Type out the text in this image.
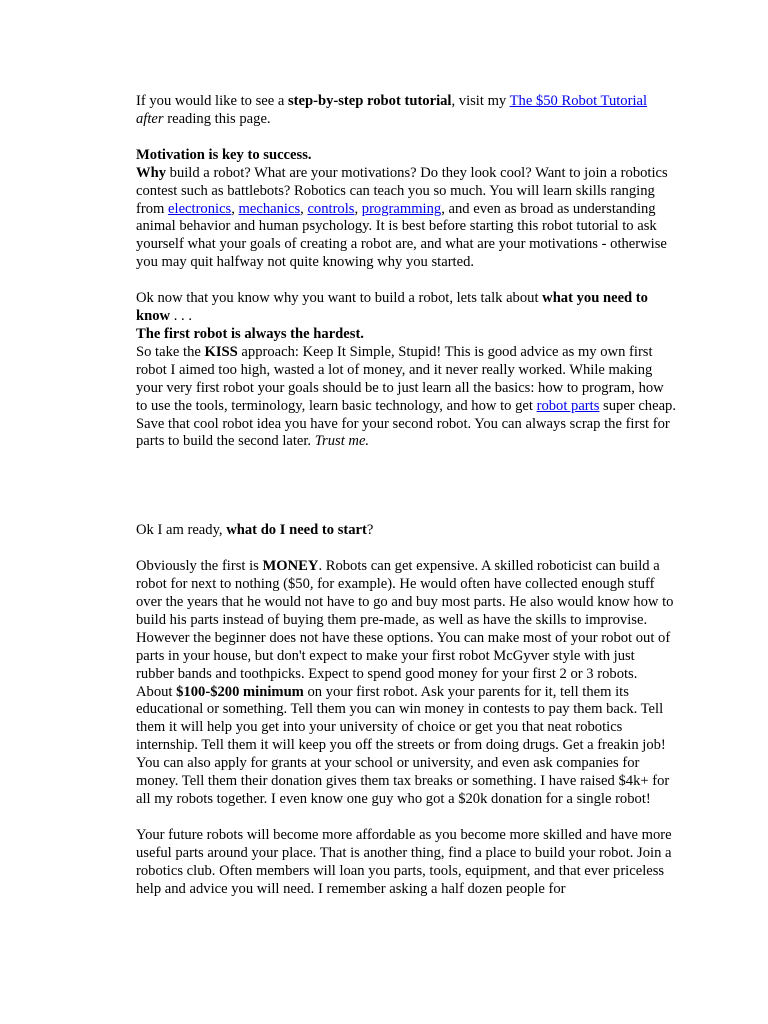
If you would like to see a step-by-step robot tutorial, visit my The $50 Robot Tutorial
after reading this page.

Motivation is key to success.
Why build a robot? What are your motivations? Do they look cool? Want to join a robotics contest such as battlebots? Robotics can teach you so much. You will learn skills ranging from electronics, mechanics, controls, programming, and even as broad as understanding animal behavior and human psychology. It is best before starting this robot tutorial to ask yourself what your goals of creating a robot are, and what are your motivations - otherwise you may quit halfway not quite knowing why you started.

Ok now that you know why you want to build a robot, lets talk about what you need to know . . .

The first robot is always the hardest.
So take the KISS approach: Keep It Simple, Stupid! This is good advice as my own first robot I aimed too high, wasted a lot of money, and it never really worked. While making your very first robot your goals should be to just learn all the basics: how to program, how to use the tools, terminology, learn basic technology, and how to get robot parts super cheap. Save that cool robot idea you have for your second robot. You can always scrap the first for parts to build the second later. Trust me.

Ok I am ready, what do I need to start?

Obviously the first is MONEY. Robots can get expensive. A skilled roboticist can build a robot for next to nothing ($50, for example). He would often have collected enough stuff over the years that he would not have to go and buy most parts. He also would know how to build his parts instead of buying them pre-made, as well as have the skills to improvise. However the beginner does not have these options. You can make most of your robot out of parts in your house, but don't expect to make your first robot McGyver style with just rubber bands and toothpicks. Expect to spend good money for your first 2 or 3 robots. About $100-$200 minimum on your first robot. Ask your parents for it, tell them its educational or something. Tell them you can win money in contests to pay them back. Tell them it will help you get into your university of choice or get you that neat robotics internship. Tell them it will keep you off the streets or from doing drugs. Get a freakin job! You can also apply for grants at your school or university, and even ask companies for money. Tell them their donation gives them tax breaks or something. I have raised $4k+ for all my robots together. I even know one guy who got a $20k donation for a single robot!

Your future robots will become more affordable as you become more skilled and have more useful parts around your place. That is another thing, find a place to build your robot. Join a robotics club. Often members will loan you parts, tools, equipment, and that ever priceless help and advice you will need. I remember asking a half dozen people for
